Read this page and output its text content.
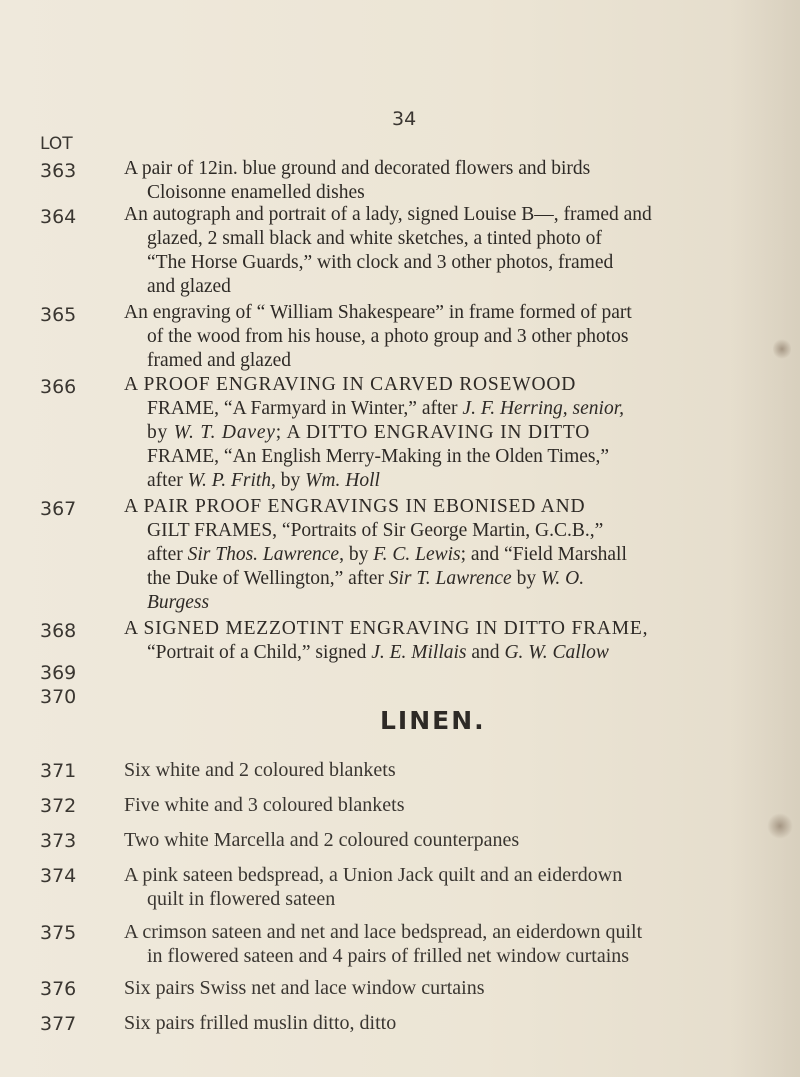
34
LOT
363 A pair of 12in. blue ground and decorated flowers and birds
Cloisonne enamelled dishes
364 An autograph and portrait of a lady, signed Louise B—, framed and
glazed, 2 small black and white sketches, a tinted photo of
“The Horse Guards,” with clock and 3 other photos, framed
and glazed
365 An engraving of “ William Shakespeare” in frame formed of part
of the wood from his house, a photo group and 3 other photos
framed and glazed
366 A PROOF ENGRAVING IN CARVED ROSEWOOD
FRAME, “A Farmyard in Winter,” after J. F. Herring, senior,
by W. T. Davey; A DITTO ENGRAVING IN DITTO
FRAME, “An English Merry-Making in the Olden Times,”
after W. P. Frith, by Wm. Holl
367 A PAIR PROOF ENGRAVINGS IN EBONISED AND
GILT FRAMES, “Portraits of Sir George Martin, G.C.B.,”
after Sir Thos. Lawrence, by F. C. Lewis; and “Field Marshall
the Duke of Wellington,” after Sir T. Lawrence by W. O.
Burgess
368 A SIGNED MEZZOTINT ENGRAVING IN DITTO FRAME,
“Portrait of a Child,” signed J. E. Millais and G. W. Callow
369
370
LINEN.
371 Six white and 2 coloured blankets
372 Five white and 3 coloured blankets
373 Two white Marcella and 2 coloured counterpanes
374 A pink sateen bedspread, a Union Jack quilt and an eiderdown
quilt in flowered sateen
375 A crimson sateen and net and lace bedspread, an eiderdown quilt
in flowered sateen and 4 pairs of frilled net window curtains
376 Six pairs Swiss net and lace window curtains
377 Six pairs frilled muslin ditto, ditto
